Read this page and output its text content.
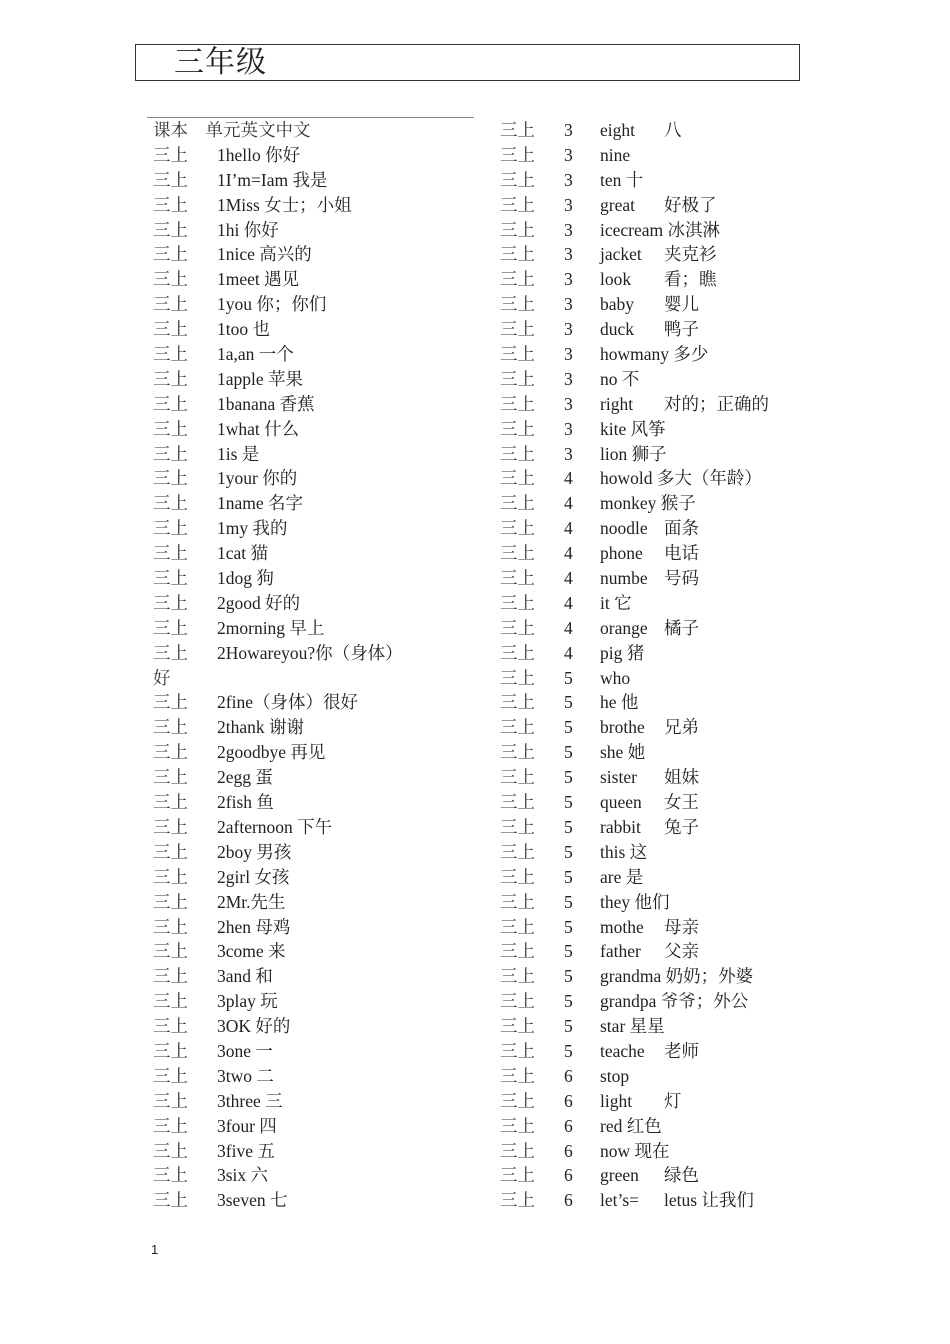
三年级
课本　单元英文中文
三上 1hello 你好
三上 1I’m=Iam 我是
三上 1Miss 女士；小姐
三上 1hi 你好
三上 1nice 高兴的
三上 1meet 遇见
三上 1you 你；你们
三上 1too 也
三上 1a,an 一个
三上 1apple 苹果
三上 1banana 香蕉
三上 1what 什么
三上 1is 是
三上 1your 你的
三上 1name 名字
三上 1my 我的
三上 1cat 猫
三上 1dog 狗
三上 2good 好的
三上 2morning 早上
三上 2Howareyou?你（身体）
好
三上 2fine（身体）很好
三上 2thank 谢谢
三上 2goodbye 再见
三上 2egg 蛋
三上 2fish 鱼
三上 2afternoon 下午
三上 2boy 男孩
三上 2girl 女孩
三上 2Mr.先生
三上 2hen 母鸡
三上 3come 来
三上 3and 和
三上 3play 玩
三上 3OK 好的
三上 3one 一
三上 3two 二
三上 3three 三
三上 3four 四
三上 3five 五
三上 3six 六
三上 3seven 七
三上 3 eight 八
三上 3 nine
三上 3 ten 十
三上 3 great 好极了
三上 3 icecream 冰淇淋
三上 3 jacket 夹克衫
三上 3 look 看；瞧
三上 3 baby 婴儿
三上 3 duck 鸭子
三上 3 howmany 多少
三上 3 no 不
三上 3 right 对的；正确的
三上 3 kite 风筝
三上 3 lion 狮子
三上 4 howold 多大（年龄）
三上 4 monkey 猴子
三上 4 noodle 面条
三上 4 phone 电话
三上 4 numbe 号码
三上 4 it 它
三上 4 orange 橘子
三上 4 pig 猪
三上 5 who
三上 5 he 他
三上 5 brothe 兄弟
三上 5 she 她
三上 5 sister 姐妹
三上 5 queen 女王
三上 5 rabbit 兔子
三上 5 this 这
三上 5 are 是
三上 5 they 他们
三上 5 mothe 母亲
三上 5 father 父亲
三上 5 grandma 奶奶；外婆
三上 5 grandpa 爷爷；外公
三上 5 star 星星
三上 5 teache 老师
三上 6 stop
三上 6 light 灯
三上 6 red 红色
三上 6 now 现在
三上 6 green 绿色
三上 6 let’s= letus 让我们
1
